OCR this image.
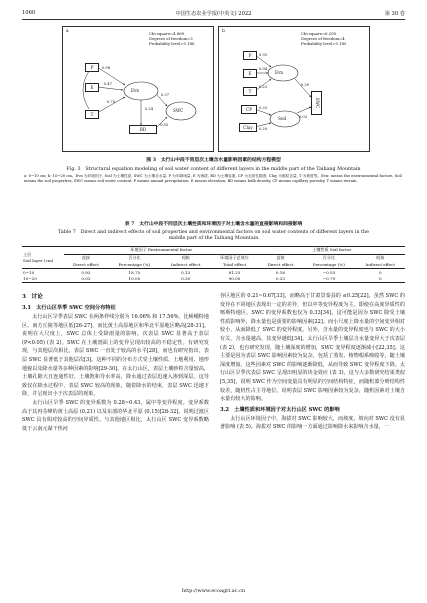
1060	中国生态农业学报(中英文) 2022	第 30 卷
a	Chi-square=4.869
Degrees of freedom=3
Probability level=0.186
P
E
T
BD
Evn
SWC
0.98
0.47
0.79
0.24
-0.55
0.37
b	Chi-square=6.200
Degrees of freedom=4
Probability level=0.185
P
E
T
CP
Clay
Evn
Soil
SWC
0.93
0.94
0.23
0.33
0.20
0.30
0.03
图 3　太行山中段不同层次土壤含水量影响因素的结构方程模型
Fig. 3　Structural equation modeling of soil water content of different layers in the middle part of the Taihang Mountain
a: 0~10 cm; b: 10~20 cm。Evn 为环境因子, Soil 为土壤性质, SWC 为土壤含水量, P 为年降雨量, E 为海拔, BD 为土壤容重, CP 为毛管孔隙度, Clay 为黏粒含量, T 为坡度等。Evn: means the environmental factors, Soil means the soil properties, SWC means soil water content, P means annual precipitation, E means elevation, BD means bulk density, CP means capillary porosity, T means terrain.
表 7　太行山中段不同层次土壤性质和环境因子对土壤含水量的直接影响和间接影响
Table 7　Direct and indirect effects of soil properties and environmental factors on soil water contents of different layers in the
middle part of the Taihang Mountain
土层
Soil layer (cm)	环境因子 Environmental factor				土壤性质 Soil factor		
	直接	百分比	间接	环境因子总效应	直接	百分比	间接
	Direct effect	Percentage (%)	Indirect effect	Total effect	Direct effect	Percentage (%)	Indirect effect
0~10	0.83	18.75	0.13	81.25	0.16	−0.55	0
10~20	0.03	10.00	0.30	90.00	0.33	−0.79	0
3　讨论
3.1　太行山区旱季 SWC 空间分布特征

太行山区旱季表层 SWC 在两条样线分别为 16.06% 和 17.56%，比嵯峨特地区、南方丘陵等地区低[26-27]，而比黄土高原地区和华北平原地区略高[28-31]。说明在大尺度上，SWC 总体上受降雨量的影响。次表层 SWC 显著高于表层 (P<0.05) (表 2)。SWC 在土壤剖面上的变异呈现出较高的不稳定性。有研究发现，与其他层次相比，表层 SWC 一直处于较高的水平[28]，而也有研究指出，表层 SWC 显著低于其他层次[3]。这种不同的分布方式受土壤性质、土地利用、地形地貌以及降水量等多种因素的影响[29-30]。在太行山区，表层土壤砂粒含量较高，土壤孔隙大且连通性好，土壤饱和导水率高，降水通过表层迅速入渗到深层。这导致仅在降水过程中，表层 SWC 较高的现象，随着降水的结束，表层 SWC 迅速下降，并呈现出小于次表层的现象。

太行山区旱季 SWC 的变异系数为 0.28~0.43，属中等变异程度。变异系数高于其再芬峰的黄土高原 (0.21) 以及东部的华北平原 (0.15)[28-32]。说明过渡区 SWC 具有相对较高的空间异质性。与其他地区相比，太行山区 SWC 变异系数略低于云南元谋干热河

谷区地区的 0.21~0.67[33]，而略高于甘肃景泰县的 ≤0.25[22]。虽然 SWC 的变异在不同地区表现出一定的差异，但以中等变异程度为主。即使在高度异质性的喀斯特地区，SWC 的变异系数也仅为 0.33[34]，这可能是因为 SWC 除受土壤性质影响外，降水量也是重要的影响因素[22]。而小尺度上降水量的空间变异相对较小，从而降低了 SWC 的变异程度。另外，含水量的变异程度也与 SWC 的大小有关，含水量越高，其变异越低[34]。太行山区旱季土壤层含水量变异大于次表层 (表 2)，也有研究发现，随土壤深度的增加，SWC 变异程度逐渐减小[22,35]。这主要是因为表层 SWC 影响因素较为复杂，包括了蒸发、植物根系吸收等，随土壤深度增加，这些因素对 SWC 的影响逐渐降低，从而导致 SWC 变异程度下降。太行山区旱季次表层 SWC 呈现出明显的块金效应 (表 3)，这与大多数研究结果类似[5,35]，说明 SWC 作为空间变量具有明显的空间结构特征，而随机部分则结构性较差，随机性占主导地位。说明表层 SWC 影响因素较为复杂，随机因素对土壤含水量有较大的影响。

3.2　土壤性质和环境因子对太行山区 SWC 的影响

太行山区环境因子中，海拔对 SWC 影响较大，而坡度、坡向对 SWC 没有显著影响 (表 5)。海拔对 SWC 的影响一方面通过影响降水来影响含水量，一

http://www.ecoagri.ac.cn
